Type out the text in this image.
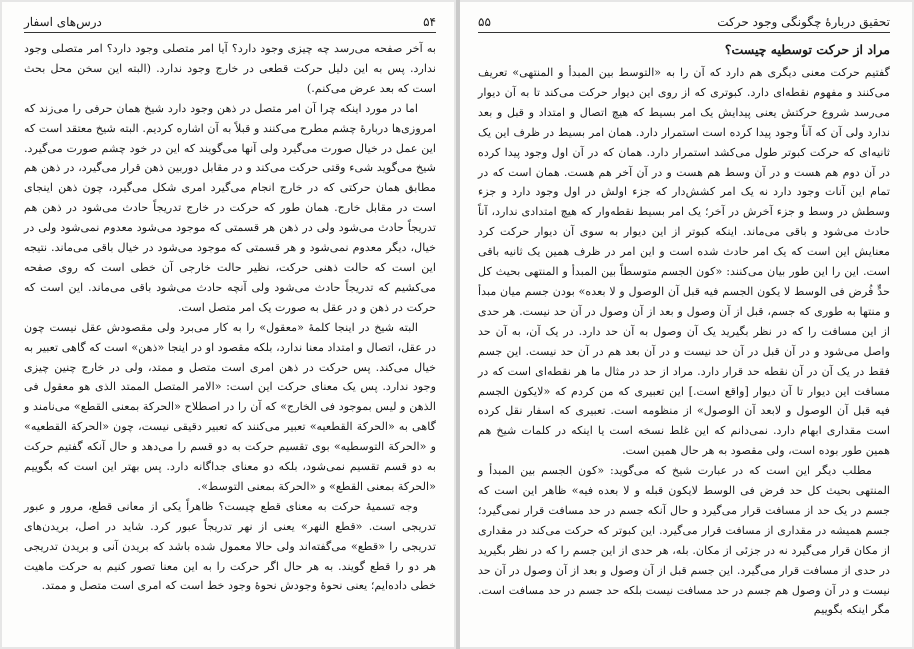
۵۴
درس‌های اسفار

به آخر صفحه می‌رسد چه چیزی وجود دارد؟ آیا امر متصلی وجود دارد؟ امر متصلی وجود ندارد. پس به این دلیل حرکت قطعی در خارج وجود ندارد. (البته این سخن محل بحث است که بعد عرض می‌کنم.)

اما در مورد اینکه چرا آن امر متصل در ذهن وجود دارد شیخ همان حرفی را می‌زند که امروزی‌ها دربارهٔ چشم مطرح می‌کنند و قبلاً به آن اشاره کردیم. البته شیخ معتقد است که این عمل در خیال صورت می‌گیرد ولی آنها می‌گویند که این در خود چشم صورت می‌گیرد. شیخ می‌گوید شیء وقتی حرکت می‌کند و در مقابل دوربین ذهن قرار می‌گیرد، در ذهن هم مطابق همان حرکتی که در خارج انجام می‌گیرد امری شکل می‌گیرد، چون ذهن اینجای است در مقابل خارج. همان طور که حرکت در خارج تدریجاً حادث می‌شود در ذهن هم تدریجاً حادث می‌شود ولی در ذهن هر قسمتی که موجود می‌شود معدوم نمی‌شود ولی در خیال، دیگر معدوم نمی‌شود و هر قسمتی که موجود می‌شود در خیال باقی می‌ماند. نتیجه این است که حالت ذهنی حرکت، نظیر حالت خارجی آن خطی است که روی صفحه می‌کشیم که تدریجاً حادث می‌شود ولی آنچه حادث می‌شود باقی می‌ماند. این است که حرکت در ذهن و در عقل به صورت یک امر متصل است.

البته شیخ در اینجا کلمهٔ «معقول» را به کار می‌برد ولی مقصودش عقل نیست چون در عقل، اتصال و امتداد معنا ندارد، بلکه مقصود او در اینجا «ذهن» است که گاهی تعبیر به خیال می‌کند. پس حرکت در ذهن امری است متصل و ممتد، ولی در خارج چنین چیزی وجود ندارد. پس یک معنای حرکت این است: «الامر المتصل الممتد الذی هو معقول فی الذهن و لیس بموجود فی الخارج» که آن را در اصطلاح «الحرکة بمعنی القطع» می‌نامند و گاهی به «الحرکة القطعیه» تعبیر می‌کنند که تعبیر دقیقی نیست، چون «الحرکة القطعیه» و «الحرکة التوسطیه» بوی تقسیم حرکت به دو قسم را می‌دهد و حال آنکه گفتیم حرکت به دو قسم تقسیم نمی‌شود، بلکه دو معنای جداگانه دارد. پس بهتر این است که بگوییم «الحرکة بمعنی القطع» و «الحرکة بمعنی التوسط».

وجه تسمیهٔ حرکت به معنای قطع چیست؟ ظاهراً یکی از معانی قطع، مرور و عبور تدریجی است. «قطع النهر» یعنی از نهر تدریجاً عبور کرد. شاید در اصل، بریدن‌های تدریجی را «قطع» می‌گفته‌اند ولی حالا معمول شده باشد که بریدن آنی و بریدن تدریجی هر دو را قطع گویند. به هر حال اگر حرکت را به این معنا تصور کنیم به حرکت ماهیت خطی داده‌ایم؛ یعنی نحوهٔ وجودش نحوهٔ وجود خط است که امری است متصل و ممتد.

تحقیق دربارهٔ چگونگی وجود حرکت
۵۵
مراد از حرکت توسطیه چیست؟

گفتیم حرکت معنی دیگری هم دارد که آن را به «التوسط بین المبدأ و المنتهی» تعریف می‌کنند و مفهوم نقطه‌ای دارد. کبوتری که از روی این دیوار حرکت می‌کند تا به آن دیوار می‌رسد شروع حرکتش یعنی پیدایش یک امر بسیط که هیچ اتصال و امتداد و قبل و بعد ندارد ولی آن که آناً وجود پیدا کرده است استمرار دارد. همان امر بسیط در ظرف این یک ثانیه‌ای که حرکت کبوتر طول می‌کشد استمرار دارد. همان که در آن اول وجود پیدا کرده در آن دوم هم هست و در آن وسط هم هست و در آن آخر هم هست. همان است که در تمام این آنات وجود دارد نه یک امر کشش‌دار که جزء اولش در اول وجود دارد و جزء وسطش در وسط و جزء آخرش در آخر؛ یک امر بسیط نقطه‌وار که هیچ امتدادی ندارد، آناً حادث می‌شود و باقی می‌ماند. اینکه کبوتر از این دیوار به سوی آن دیوار حرکت کرد معنایش این است که یک امر حادث شده است و این امر در ظرف همین یک ثانیه باقی است. این را این طور بیان می‌کنند: «کون الجسم متوسطاً بین المبدأ و المنتهی بحیث کل حدٍّ فُرض فی الوسط لا یکون الجسم فیه قبل آن الوصول و لا بعده» بودن جسم میان مبدأ و منتها به طوری که جسم، قبل از آن وصول و بعد از آن وصول در آن حد نیست. هر حدی از این مسافت را که در نظر بگیرید یک آن وصول به آن حد دارد. در یک آن، به آن حد واصل می‌شود و در آن قبل در آن حد نیست و در آن بعد هم در آن حد نیست. این جسم فقط در یک آن در آن نقطه حد قرار دارد. مراد از حد در مثال ما هر نقطه‌ای است که در مسافت این دیوار تا آن دیوار [واقع است.] این تعبیری که من کردم که «لایکون الجسم فیه قبل آن الوصول و لابعد آن الوصول» از منظومه است. تعبیری که اسفار نقل کرده است مقداری ابهام دارد. نمی‌دانم که این غلط نسخه است یا اینکه در کلمات شیخ هم همین طور بوده است، ولی مقصود به هر حال همین است.

مطلب دیگر این است که در عبارت شیخ که می‌گوید: «کون الجسم بین المبدأ و المنتهی بحیث کل حد فرض فی الوسط لایکون قبله و لا بعده فیه» ظاهر این است که جسم در یک حد از مسافت قرار می‌گیرد و حال آنکه جسم در حد مسافت قرار نمی‌گیرد؛ جسم همیشه در مقداری از مسافت قرار می‌گیرد. این کبوتر که حرکت می‌کند در مقداری از مکان قرار می‌گیرد نه در جزئی از مکان. بله، هر حدی از این جسم را که در نظر بگیرید در حدی از مسافت قرار می‌گیرد. این جسم قبل از آن وصول و بعد از آن وصول در آن حد نیست و در آن وصول هم جسم در حد مسافت نیست بلکه حد جسم در حد مسافت است. مگر اینکه بگوییم
